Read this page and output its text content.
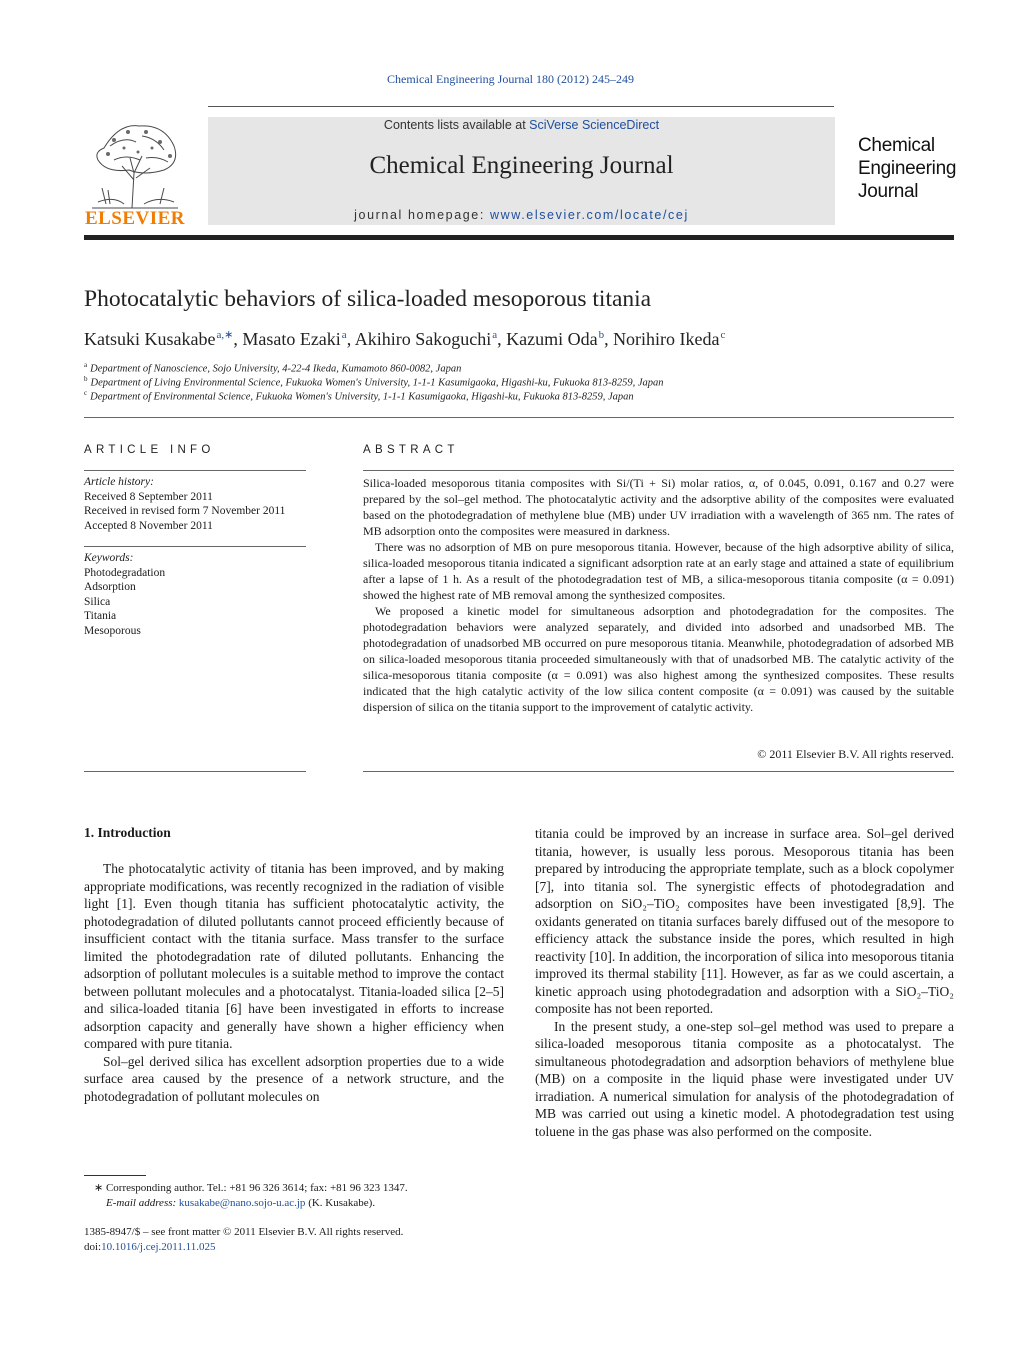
Chemical Engineering Journal 180 (2012) 245–249
ELSEVIER
Contents lists available at SciVerse ScienceDirect
Chemical Engineering Journal
journal homepage: www.elsevier.com/locate/cej
Chemical
Engineering
Journal
Photocatalytic behaviors of silica-loaded mesoporous titania
Katsuki Kusakabe$^{a,∗}$, Masato Ezaki$^a$, Akihiro Sakoguchi$^a$, Kazumi Oda$^b$, Norihiro Ikeda$^c$
$^a$ Department of Nanoscience, Sojo University, 4-22-4 Ikeda, Kumamoto 860-0082, Japan
$^b$ Department of Living Environmental Science, Fukuoka Women's University, 1-1-1 Kasumigaoka, Higashi-ku, Fukuoka 813-8259, Japan
$^c$ Department of Environmental Science, Fukuoka Women's University, 1-1-1 Kasumigaoka, Higashi-ku, Fukuoka 813-8259, Japan
ARTICLE INFO
Article history:
Received 8 September 2011
Received in revised form 7 November 2011
Accepted 8 November 2011
Keywords:
Photodegradation
Adsorption
Silica
Titania
Mesoporous
ABSTRACT

Silica-loaded mesoporous titania composites with Si/(Ti + Si) molar ratios, α, of 0.045, 0.091, 0.167 and 0.27 were prepared by the sol–gel method. The photocatalytic activity and the adsorptive ability of the composites were evaluated based on the photodegradation of methylene blue (MB) under UV irradiation with a wavelength of 365 nm. The rates of MB adsorption onto the composites were measured in darkness.

There was no adsorption of MB on pure mesoporous titania. However, because of the high adsorptive ability of silica, silica-loaded mesoporous titania indicated a significant adsorption rate at an early stage and attained a state of equilibrium after a lapse of 1 h. As a result of the photodegradation test of MB, a silica-mesoporous titania composite (α = 0.091) showed the highest rate of MB removal among the synthesized composites.

We proposed a kinetic model for simultaneous adsorption and photodegradation for the composites. The photodegradation behaviors were analyzed separately, and divided into adsorbed and unadsorbed MB. The photodegradation of unadsorbed MB occurred on pure mesoporous titania. Meanwhile, photodegradation of adsorbed MB on silica-loaded mesoporous titania proceeded simultaneously with that of unadsorbed MB. The catalytic activity of the silica-mesoporous titania composite (α = 0.091) was also highest among the synthesized composites. These results indicated that the high catalytic activity of the low silica content composite (α = 0.091) was caused by the suitable dispersion of silica on the titania support to the improvement of catalytic activity.

© 2011 Elsevier B.V. All rights reserved.
1. Introduction

The photocatalytic activity of titania has been improved, and by making appropriate modifications, was recently recognized in the radiation of visible light [1]. Even though titania has sufficient photocatalytic activity, the photodegradation of diluted pollutants cannot proceed efficiently because of insufficient contact with the titania surface. Mass transfer to the surface limited the photodegradation rate of diluted pollutants. Enhancing the adsorption of pollutant molecules is a suitable method to improve the contact between pollutant molecules and a photocatalyst. Titania-loaded silica [2–5] and silica-loaded titania [6] have been investigated in efforts to increase adsorption capacity and generally have shown a higher efficiency when compared with pure titania.

Sol–gel derived silica has excellent adsorption properties due to a wide surface area caused by the presence of a network structure, and the photodegradation of pollutant molecules on

titania could be improved by an increase in surface area. Sol–gel derived titania, however, is usually less porous. Mesoporous titania has been prepared by introducing the appropriate template, such as a block copolymer [7], into titania sol. The synergistic effects of photodegradation and adsorption on SiO₂–TiO₂ composites have been investigated [8,9]. The oxidants generated on titania surfaces barely diffused out of the mesopore to efficiency attack the substance inside the pores, which resulted in high reactivity [10]. In addition, the incorporation of silica into mesoporous titania improved its thermal stability [11]. However, as far as we could ascertain, a kinetic approach using photodegradation and adsorption with a SiO₂–TiO₂ composite has not been reported.

In the present study, a one-step sol–gel method was used to prepare a silica-loaded mesoporous titania composite as a photocatalyst. The simultaneous photodegradation and adsorption behaviors of methylene blue (MB) on a composite in the liquid phase were investigated under UV irradiation. A numerical simulation for analysis of the photodegradation of MB was carried out using a kinetic model. A photodegradation test using toluene in the gas phase was also performed on the composite.

∗ Corresponding author. Tel.: +81 96 326 3614; fax: +81 96 323 1347.
E-mail address: kusakabe@nano.sojo-u.ac.jp (K. Kusakabe).
1385-8947/$ – see front matter © 2011 Elsevier B.V. All rights reserved.
doi:10.1016/j.cej.2011.11.025
